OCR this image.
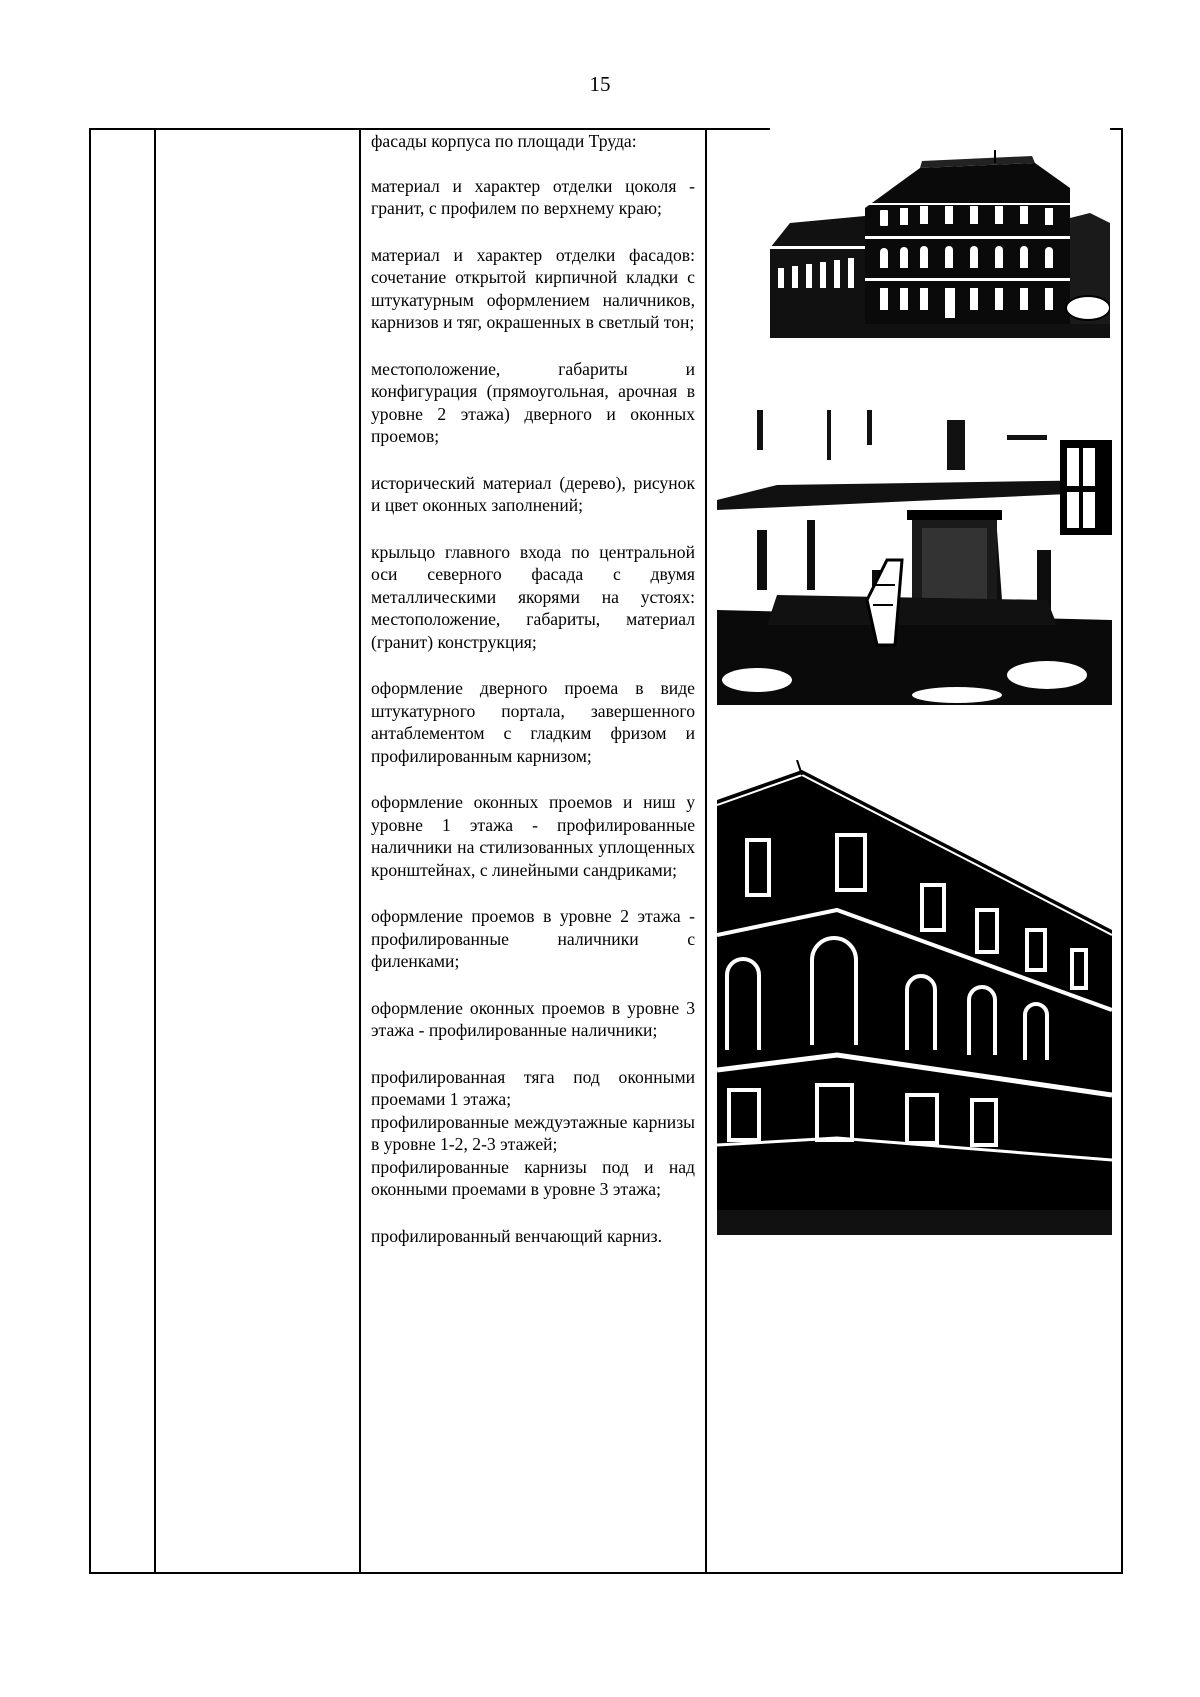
15

фасады корпуса по площади Труда:

материал и характер отделки цоколя - гранит, с профилем по верхнему краю;

материал и характер отделки фасадов: сочетание открытой кирпичной кладки с штукатурным оформлением наличников, карнизов и тяг, окрашенных в светлый тон;

местоположение, габариты и конфигурация (прямоугольная, арочная в уровне 2 этажа) дверного и оконных проемов;

исторический материал (дерево), рисунок и цвет оконных заполнений;

крыльцо главного входа по центральной оси северного фасада с двумя металлическими якорями на устоях: местоположение, габариты, материал (гранит) конструкция;

оформление дверного проема в виде штукатурного портала, завершенного антаблементом с гладким фризом и профилированным карнизом;

оформление оконных проемов и ниш у уровне 1 этажа - профилированные наличники на стилизованных уплощенных кронштейнах, с линейными сандриками;

оформление проемов в уровне 2 этажа - профилированные наличники с филенками;

оформление оконных проемов в уровне 3 этажа - профилированные наличники;

профилированная тяга под оконными проемами 1 этажа;

профилированные междуэтажные карнизы в уровне 1-2, 2-3 этажей;

профилированные карнизы под и над оконными проемами в уровне 3 этажа;

профилированный венчающий карниз.
